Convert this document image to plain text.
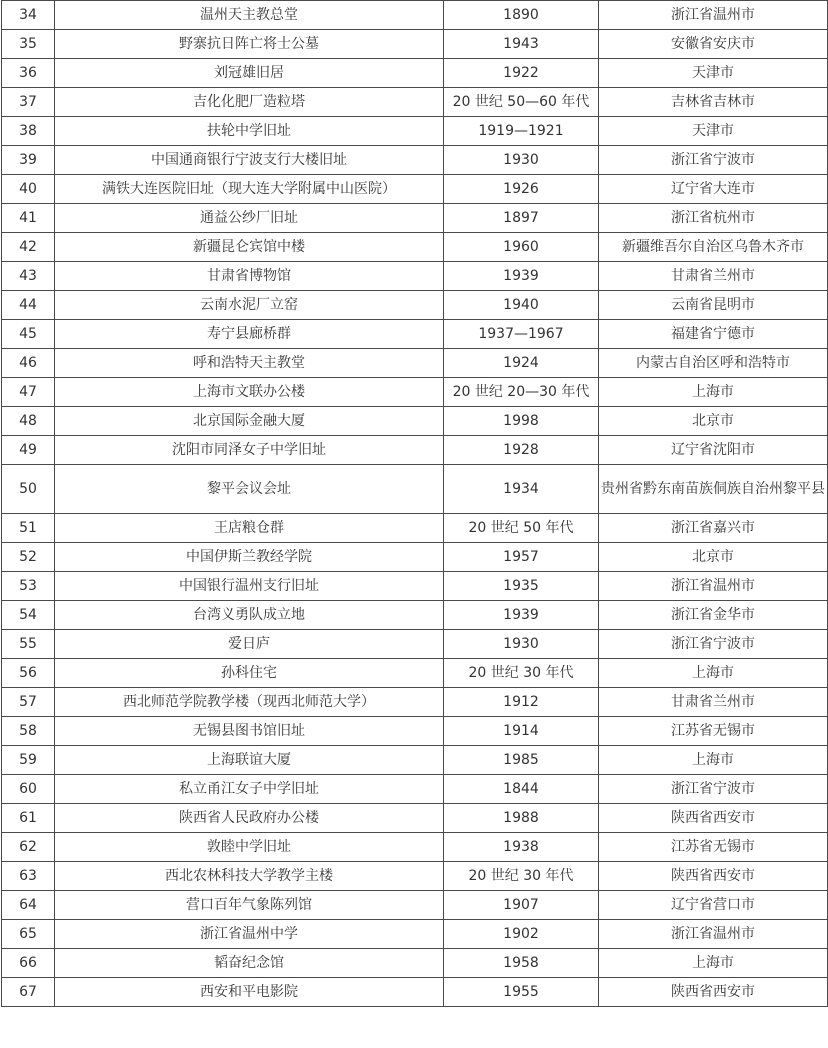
34	温州天主教总堂	1890	浙江省温州市
35	野寨抗日阵亡将士公墓	1943	安徽省安庆市
36	刘冠雄旧居	1922	天津市
37	吉化化肥厂造粒塔	20 世纪 50—60 年代	吉林省吉林市
38	扶轮中学旧址	1919—1921	天津市
39	中国通商银行宁波支行大楼旧址	1930	浙江省宁波市
40	满铁大连医院旧址（现大连大学附属中山医院）	1926	辽宁省大连市
41	通益公纱厂旧址	1897	浙江省杭州市
42	新疆昆仑宾馆中楼	1960	新疆维吾尔自治区乌鲁木齐市
43	甘肃省博物馆	1939	甘肃省兰州市
44	云南水泥厂立窑	1940	云南省昆明市
45	寿宁县廊桥群	1937—1967	福建省宁德市
46	呼和浩特天主教堂	1924	内蒙古自治区呼和浩特市
47	上海市文联办公楼	20 世纪 20—30 年代	上海市
48	北京国际金融大厦	1998	北京市
49	沈阳市同泽女子中学旧址	1928	辽宁省沈阳市
50	黎平会议会址	1934	贵州省黔东南苗族侗族自治州黎平县
51	王店粮仓群	20 世纪 50 年代	浙江省嘉兴市
52	中国伊斯兰教经学院	1957	北京市
53	中国银行温州支行旧址	1935	浙江省温州市
54	台湾义勇队成立地	1939	浙江省金华市
55	爱日庐	1930	浙江省宁波市
56	孙科住宅	20 世纪 30 年代	上海市
57	西北师范学院教学楼（现西北师范大学）	1912	甘肃省兰州市
58	无锡县图书馆旧址	1914	江苏省无锡市
59	上海联谊大厦	1985	上海市
60	私立甬江女子中学旧址	1844	浙江省宁波市
61	陕西省人民政府办公楼	1988	陕西省西安市
62	敦睦中学旧址	1938	江苏省无锡市
63	西北农林科技大学教学主楼	20 世纪 30 年代	陕西省西安市
64	营口百年气象陈列馆	1907	辽宁省营口市
65	浙江省温州中学	1902	浙江省温州市
66	韬奋纪念馆	1958	上海市
67	西安和平电影院	1955	陕西省西安市
